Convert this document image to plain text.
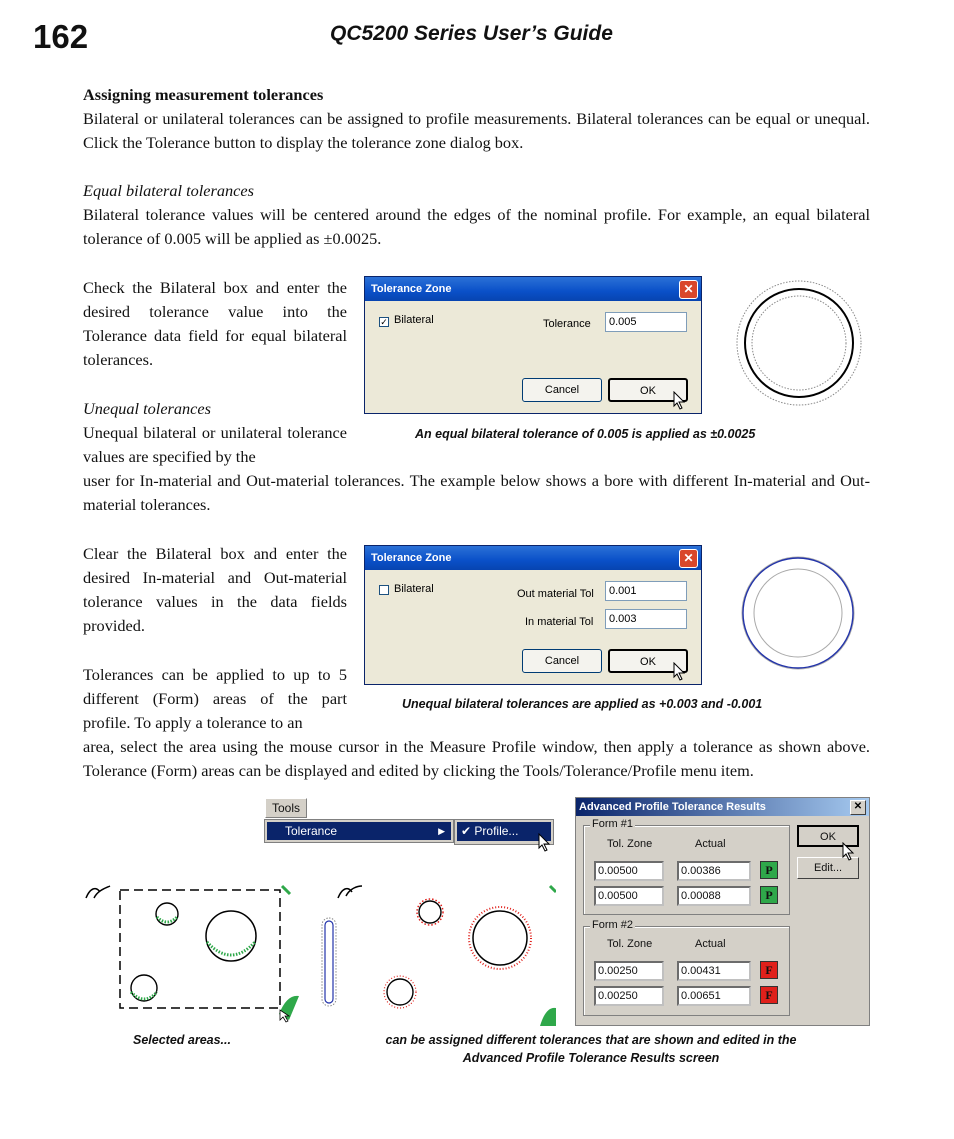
162	QC5200 Series User’s Guide
Assigning measurement tolerances
Bilateral or unilateral tolerances can be assigned to profile measurements. Bilateral tolerances can be equal or unequal. Click the Tolerance button to display the tolerance zone dialog box.
Equal bilateral tolerances
Bilateral tolerance values will be centered around the edges of the nominal profile. For example, an equal bilateral tolerance of 0.005 will be applied as ±0.0025.
Check the Bilateral box and enter the desired tolerance value into the Tolerance data field for equal bilateral tolerances.
Unequal tolerances
Unequal bilateral or unilateral tolerance values are specified by the
user for In-material and Out-material tolerances. The example below shows a bore with different In-material and Out-material tolerances.
Clear the Bilateral box and enter the desired In-material and Out-material tolerance values in the data fields provided.
Tolerances can be applied to up to 5 different (Form) areas of the part profile. To apply a tolerance to an
area, select the area using the mouse cursor in the Measure Profile window, then apply a tolerance as shown above. Tolerance (Form) areas can be displayed and edited by clicking the Tools/Tolerance/Profile menu item.
Tolerance Zone	✕
✓ Bilateral	Tolerance	0.005
Cancel	OK
An equal bilateral tolerance of 0.005 is applied as ±0.0025
Tolerance Zone	✕
Bilateral	Out material Tol	0.001
In material Tol	0.003
Cancel	OK
Unequal bilateral tolerances are applied as +0.003 and -0.001
Tools
Tolerance	▶	✔ Profile...
Advanced Profile Tolerance Results	✕
Form #1
Tol. Zone	Actual
0.00500	0.00386	P
0.00500	0.00088	P
Form #2
Tol. Zone	Actual
0.00250	0.00431	F
0.00250	0.00651	F
OK
Edit...
Selected areas...	can be assigned different tolerances that are shown and edited in the
Advanced Profile Tolerance Results screen
